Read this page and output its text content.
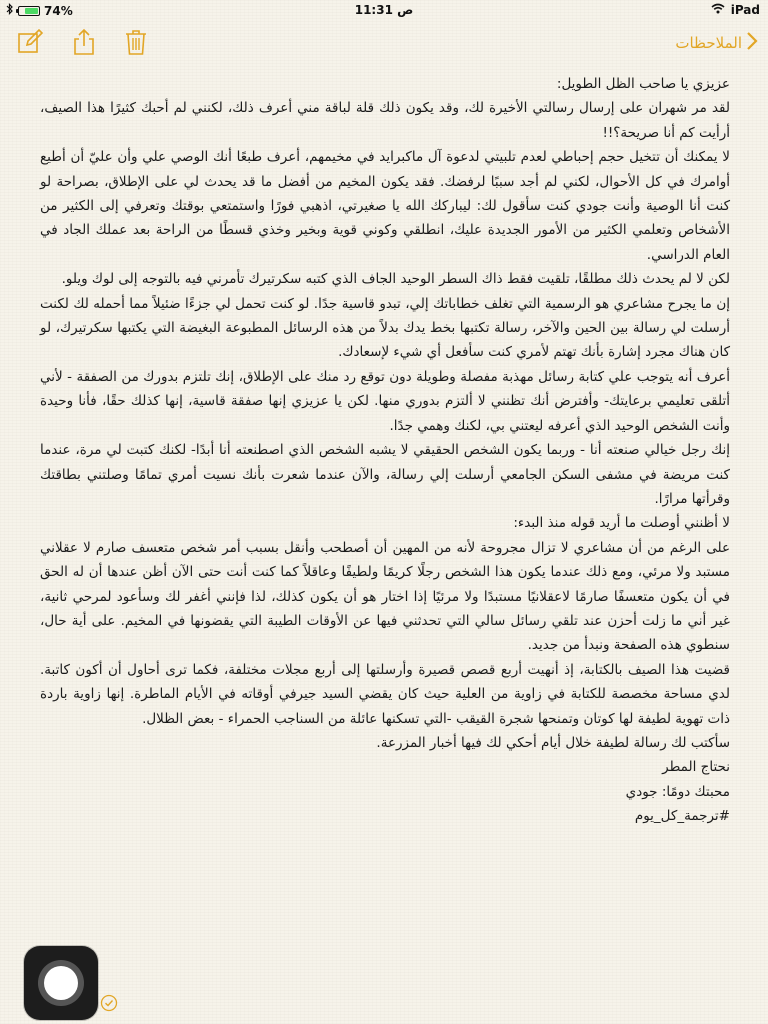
74%	11:31 ص	iPad
الملاحظات

عزيزي يا صاحب الظل الطويل:

لقد مر شهران على إرسال رسالتي الأخيرة لك، وقد يكون ذلك قلة لباقة مني أعرف ذلك، لكنني لم أحبك كثيرًا هذا الصيف، أرأيت كم أنا صريحة؟!!

لا يمكنك أن تتخيل حجم إحباطي لعدم تلبيتي لدعوة آل ماكبرايد في مخيمهم، أعرف طبعًا أنك الوصي علي وأن عليّ أن أطيع أوامرك في كل الأحوال، لكني لم أجد سببًا لرفضك. فقد يكون المخيم من أفضل ما قد يحدث لي على الإطلاق، بصراحة لو كنت أنا الوصية وأنت جودي كنت سأقول لك: ليباركك الله يا صغيرتي، اذهبي فورًا واستمتعي بوقتك وتعرفي إلى الكثير من الأشخاص وتعلمي الكثير من الأمور الجديدة عليك، انطلقي وكوني قوية وبخير وخذي قسطًا من الراحة بعد عملك الجاد في العام الدراسي.

لكن لا لم يحدث ذلك مطلقًا، تلقيت فقط ذاك السطر الوحيد الجاف الذي كتبه سكرتيرك تأمرني فيه بالتوجه إلى لوك ويلو.

إن ما يجرح مشاعري هو الرسمية التي تغلف خطاباتك إلي، تبدو قاسية جدًا. لو كنت تحمل لي جزءًا ضئيلاً مما أحمله لك لكنت أرسلت لي رسالة بين الحين والآخر، رسالة تكتبها بخط يدك بدلاً من هذه الرسائل المطبوعة البغيضة التي يكتبها سكرتيرك، لو كان هناك مجرد إشارة بأنك تهتم لأمري كنت سأفعل أي شيء لإسعادك.

أعرف أنه يتوجب علي كتابة رسائل مهذبة مفصلة وطويلة دون توقع رد منك على الإطلاق، إنك تلتزم بدورك من الصفقة - لأني أتلقى تعليمي برعايتك- وأفترض أنك تظنني لا ألتزم بدوري منها. لكن يا عزيزي إنها صفقة قاسية، إنها كذلك حقًا، فأنا وحيدة وأنت الشخص الوحيد الذي أعرفه ليعتني بي، لكنك وهمي جدًا.

إنك رجل خيالي صنعته أنا - وربما يكون الشخص الحقيقي لا يشبه الشخص الذي اصطنعته أنا أبدًا- لكنك كتبت لي مرة، عندما كنت مريضة في مشفى السكن الجامعي أرسلت إلي رسالة، والآن عندما شعرت بأنك نسيت أمري تمامًا وصلتني بطاقتك وقرأتها مرارًا.

لا أظنني أوصلت ما أريد قوله منذ البدء:

على الرغم من أن مشاعري لا تزال مجروحة لأنه من المهين أن أصطحب وأنقل بسبب أمر شخص متعسف صارم لا عقلاني مستبد ولا مرئي، ومع ذلك عندما يكون هذا الشخص رجلًا كريمًا ولطيفًا وعاقلاً كما كنت أنت حتى الآن أظن عندها أن له الحق في أن يكون متعسفًا صارمًا لاعقلانيًا مستبدًا ولا مرئيًا إذا اختار هو أن يكون كذلك، لذا فإنني أغفر لك وسأعود لمرحي ثانية، غير أني ما زلت أحزن عند تلقي رسائل سالي التي تحدثني فيها عن الأوقات الطيبة التي يقضونها في المخيم. على أية حال، سنطوي هذه الصفحة ونبدأ من جديد.

قضيت هذا الصيف بالكتابة، إذ أنهيت أربع قصص قصيرة وأرسلتها إلى أربع مجلات مختلفة، فكما ترى أحاول أن أكون كاتبة. لدي مساحة مخصصة للكتابة في زاوية من العلية حيث كان يقضي السيد جيرفي أوقاته في الأيام الماطرة. إنها زاوية باردة ذات تهوية لطيفة لها كوتان وتمنحها شجرة القيقب -التي تسكنها عائلة من السناجب الحمراء - بعض الظلال.

سأكتب لك رسالة لطيفة خلال أيام أحكي لك فيها أخبار المزرعة.

نحتاج المطر

محبتك دومًا: جودي

#ترجمة_كل_يوم
